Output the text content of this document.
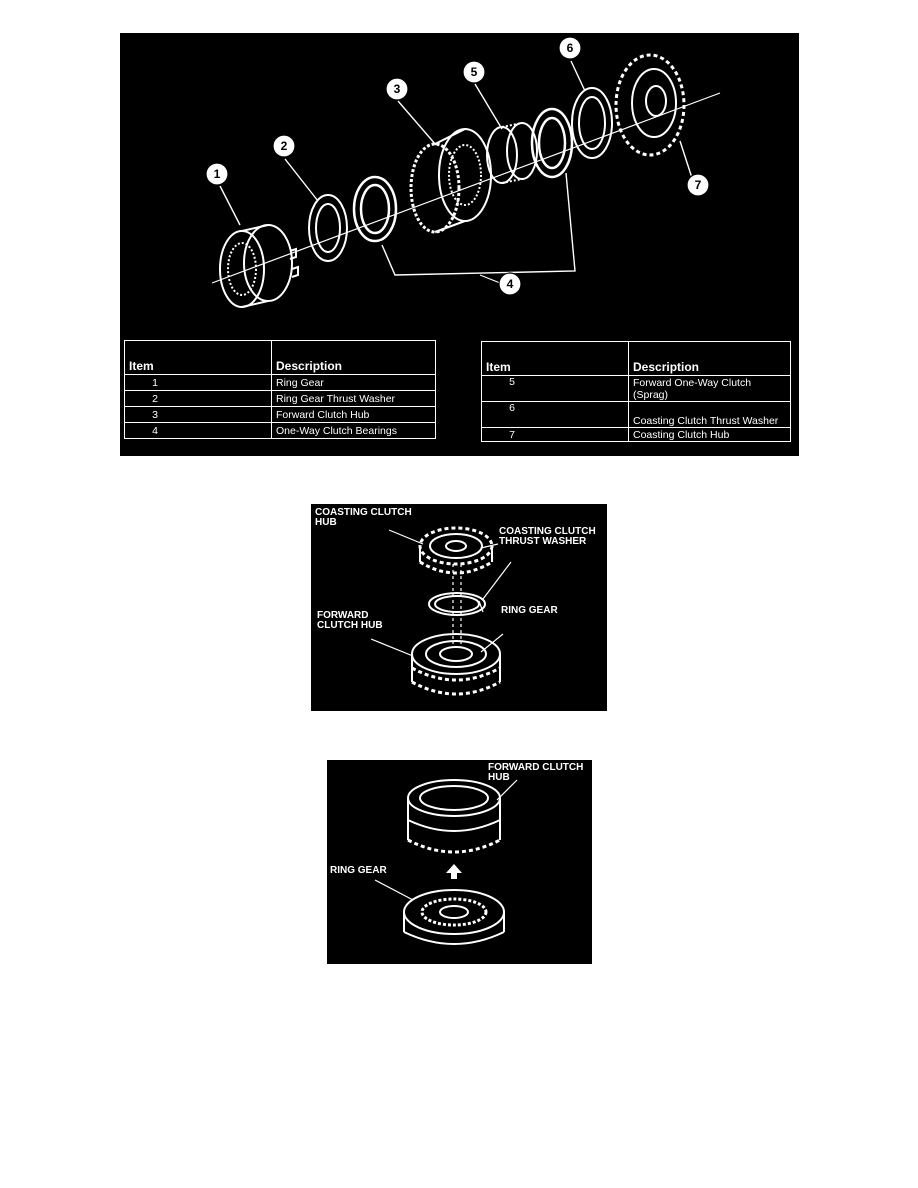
1
2
3
4
5
6
7
Item	Description
1	Ring Gear
2	Ring Gear Thrust Washer
3	Forward Clutch Hub
4	One-Way Clutch Bearings
Item	Description
5	Forward One-Way Clutch (Sprag)
6	Coasting Clutch Thrust Washer
7	Coasting Clutch Hub
COASTING CLUTCH
HUB
COASTING CLUTCH
THRUST WASHER
RING GEAR
FORWARD
CLUTCH HUB
FORWARD CLUTCH
HUB
RING GEAR
